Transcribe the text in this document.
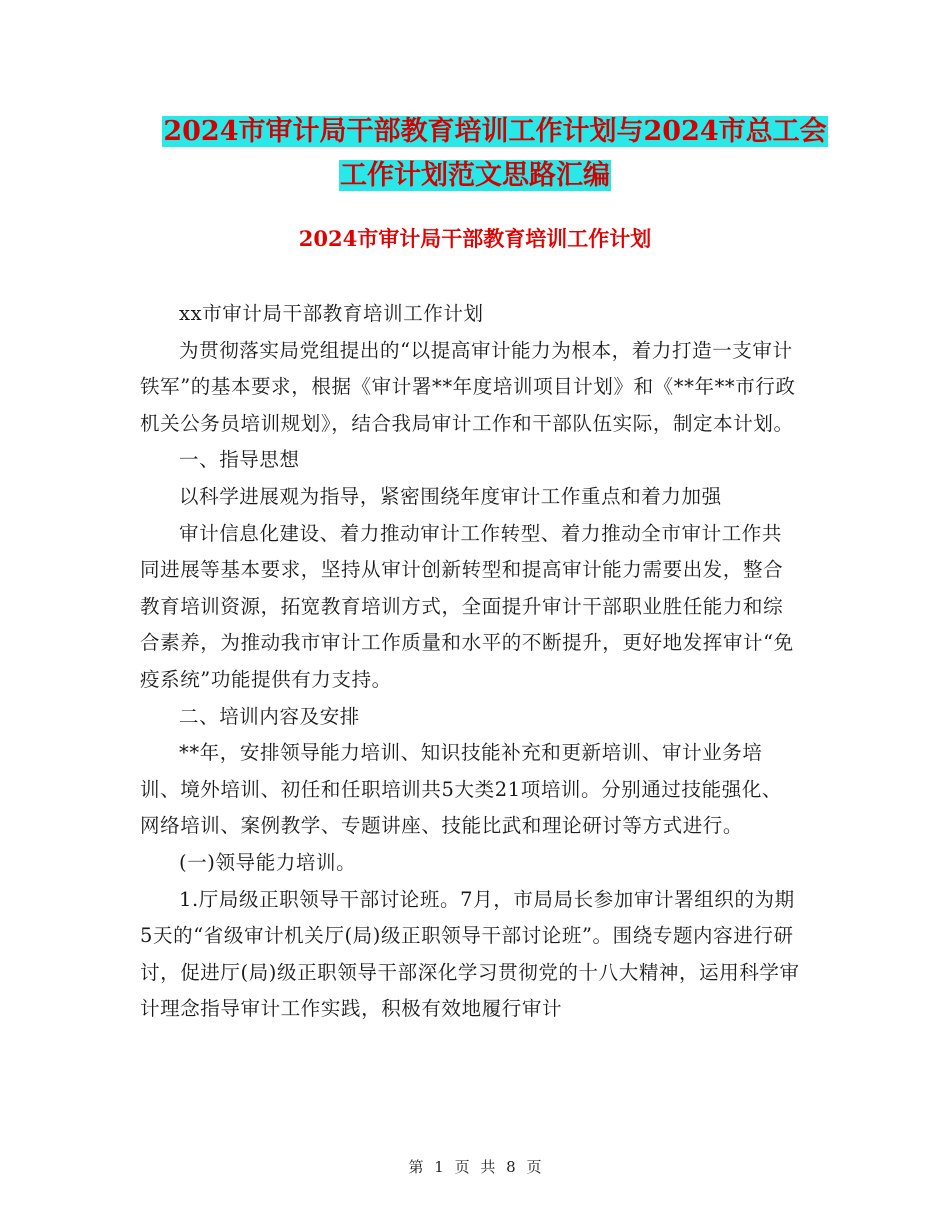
2024市审计局干部教育培训工作计划与2024市总工会
工作计划范文思路汇编
2024市审计局干部教育培训工作计划

xx市审计局干部教育培训工作计划

为贯彻落实局党组提出的“以提高审计能力为根本，着力打造一支审计铁军”的基本要求，根据《审计署**年度培训项目计划》和《**年**市行政机关公务员培训规划》，结合我局审计工作和干部队伍实际，制定本计划。

一、指导思想

以科学进展观为指导，紧密围绕年度审计工作重点和着力加强

审计信息化建设、着力推动审计工作转型、着力推动全市审计工作共同进展等基本要求，坚持从审计创新转型和提高审计能力需要出发，整合教育培训资源，拓宽教育培训方式，全面提升审计干部职业胜任能力和综合素养，为推动我市审计工作质量和水平的不断提升，更好地发挥审计“免疫系统”功能提供有力支持。

二、培训内容及安排

**年，安排领导能力培训、知识技能补充和更新培训、审计业务培训、境外培训、初任和任职培训共5大类21项培训。分别通过技能强化、网络培训、案例教学、专题讲座、技能比武和理论研讨等方式进行。

(一)领导能力培训。

1.厅局级正职领导干部讨论班。7月，市局局长参加审计署组织的为期5天的“省级审计机关厅(局)级正职领导干部讨论班”。围绕专题内容进行研讨，促进厅(局)级正职领导干部深化学习贯彻党的十八大精神，运用科学审计理念指导审计工作实践，积极有效地履行审计

第 1 页 共 8 页
